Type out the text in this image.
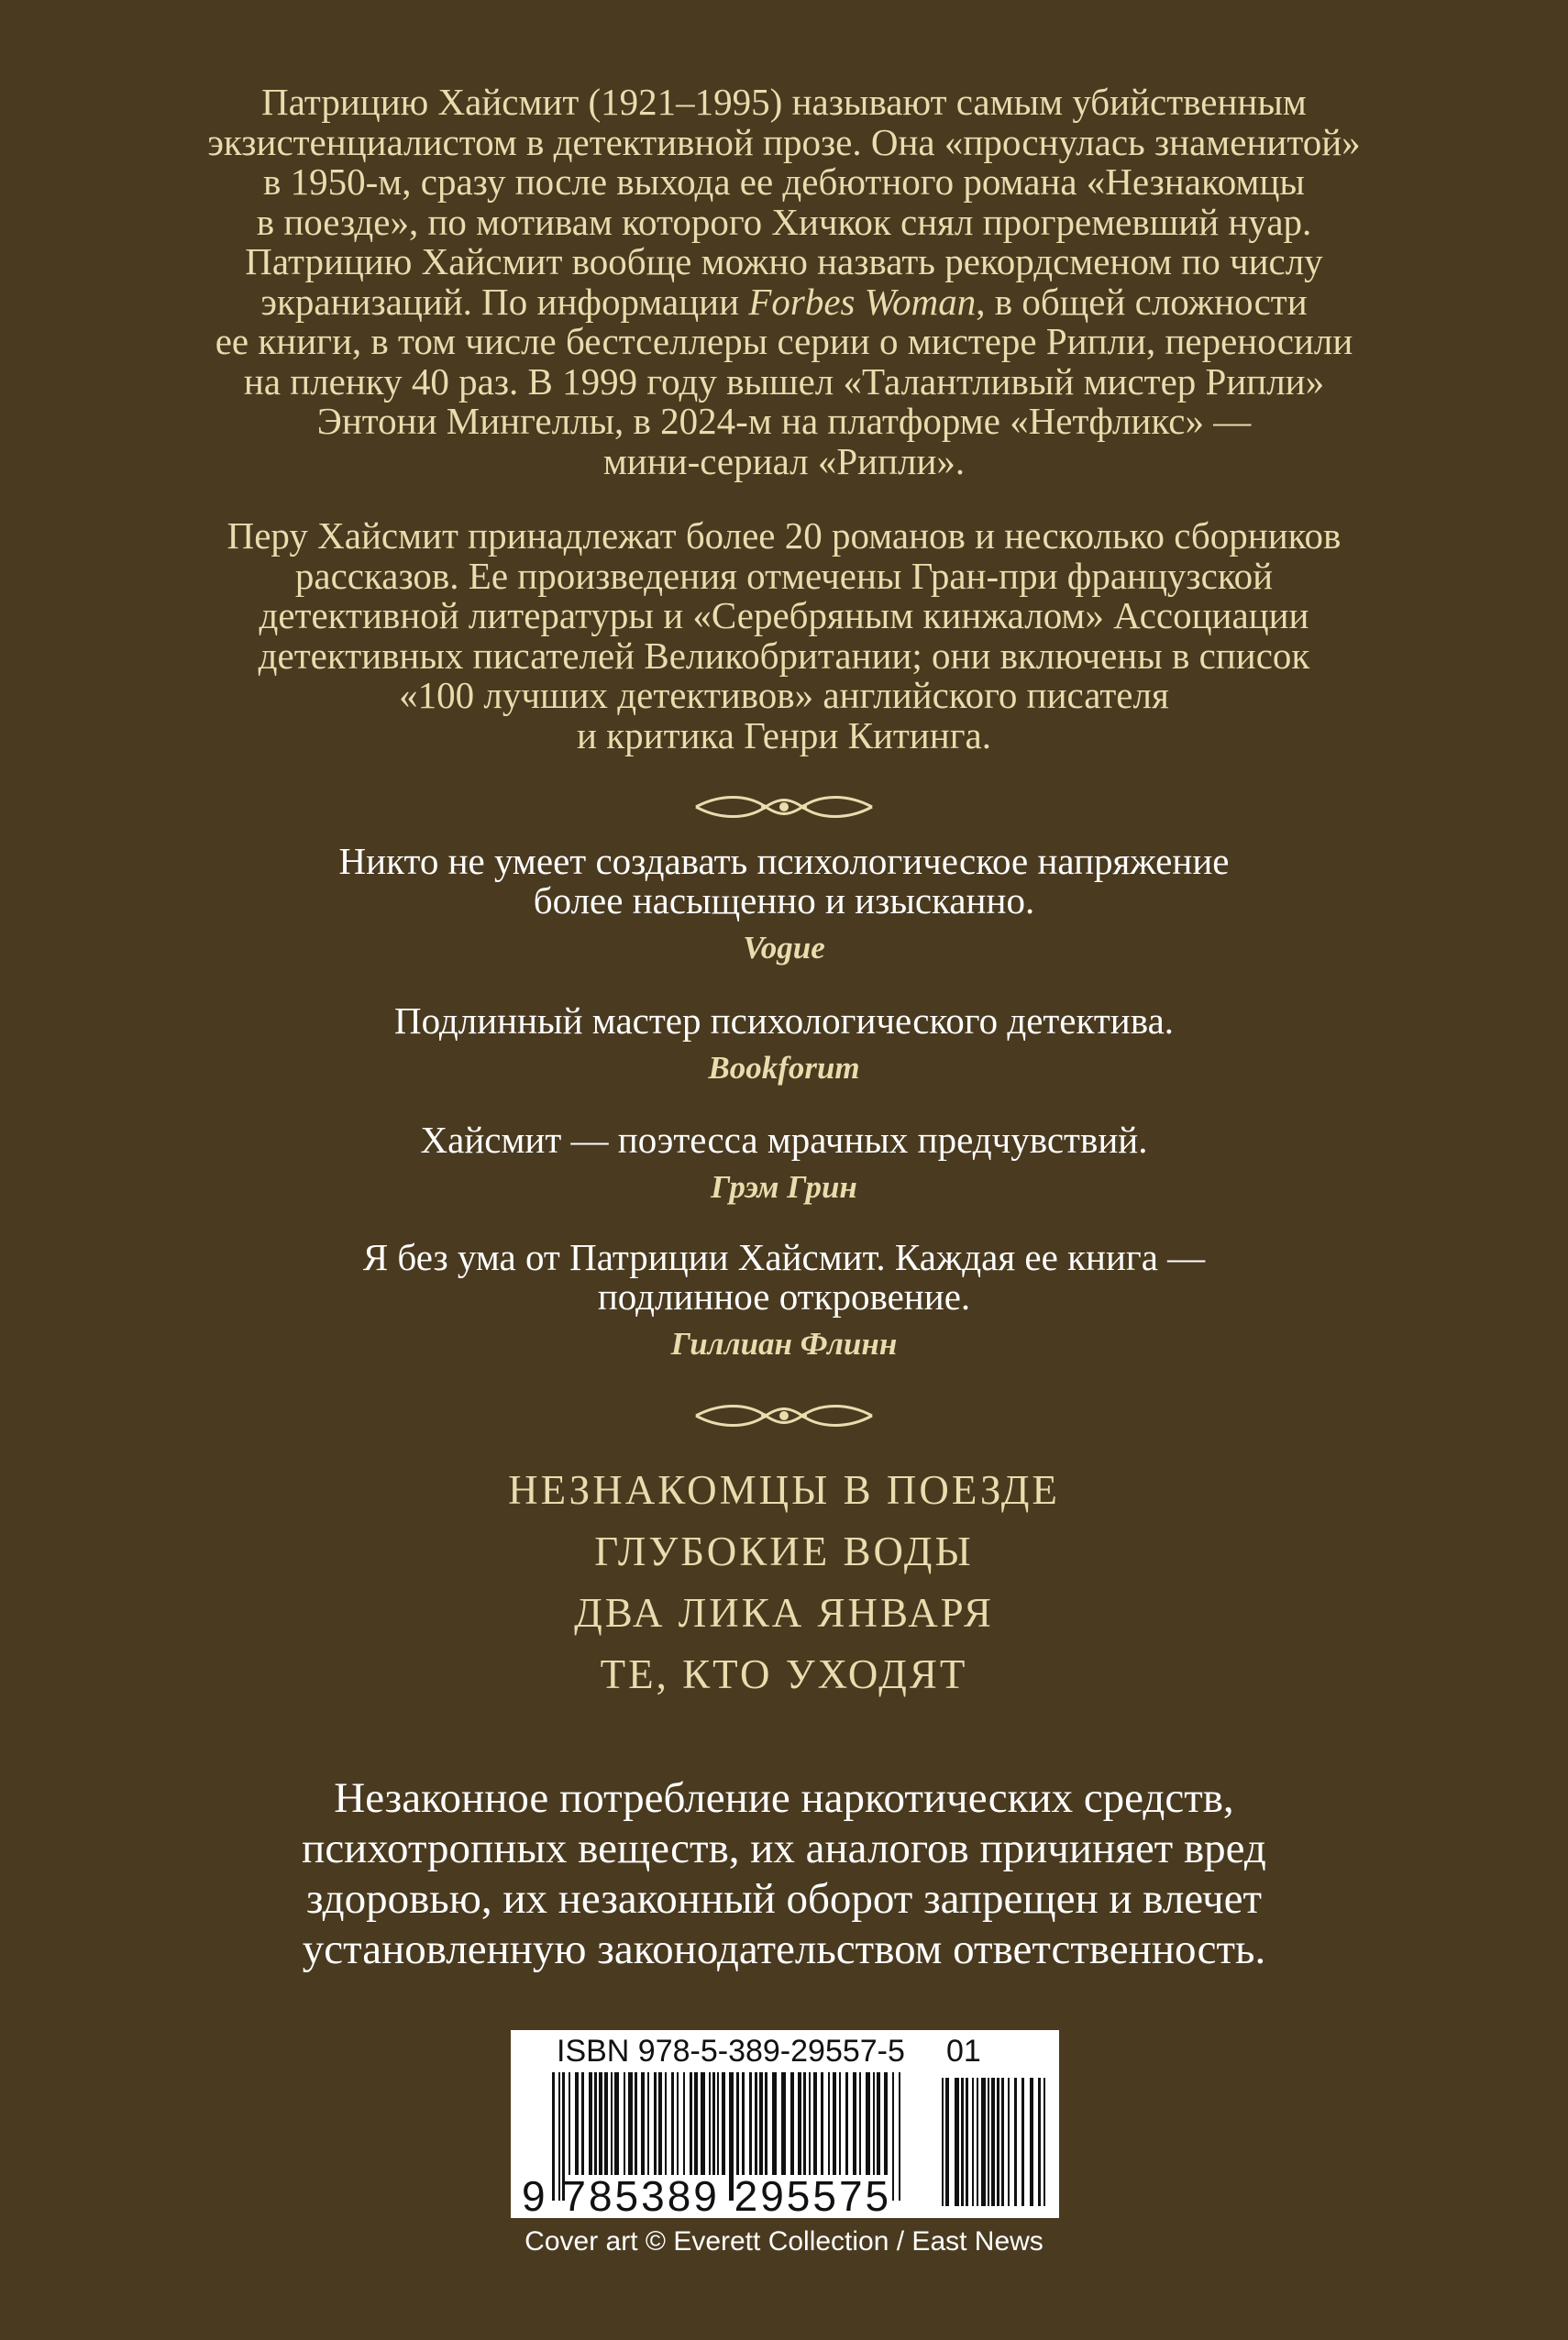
Патрицию Хайсмит (1921–1995) называют самым убийственным

экзистенциалистом в детективной прозе. Она «проснулась знаменитой»

в 1950-м, сразу после выхода ее дебютного романа «Незнакомцы

в поезде», по мотивам которого Хичкок снял прогремевший нуар.

Патрицию Хайсмит вообще можно назвать рекордсменом по числу

экранизаций. По информации Forbes Woman, в общей сложности

ее книги, в том числе бестселлеры серии о мистере Рипли, переносили

на пленку 40 раз. В 1999 году вышел «Талантливый мистер Рипли»

Энтони Мингеллы, в 2024-м на платформе «Нетфликс» —

мини-сериал «Рипли».

Перу Хайсмит принадлежат более 20 романов и несколько сборников

рассказов. Ее произведения отмечены Гран-при французской

детективной литературы и «Серебряным кинжалом» Ассоциации

детективных писателей Великобритании; они включены в список

«100 лучших детективов» английского писателя

и критика Генри Китинга.

Никто не умеет создавать психологическое напряжение

более насыщенно и изысканно.

Vogue

Подлинный мастер психологического детектива.

Bookforum

Хайсмит — поэтесса мрачных предчувствий.

Грэм Грин

Я без ума от Патриции Хайсмит. Каждая ее книга —

подлинное откровение.

Гиллиан Флинн

НЕЗНАКОМЦЫ В ПОЕЗДЕ

ГЛУБОКИЕ ВОДЫ

ДВА ЛИКА ЯНВАРЯ

ТЕ, КТО УХОДЯТ

Незаконное потребление наркотических средств,

психотропных веществ, их аналогов причиняет вред

здоровью, их незаконный оборот запрещен и влечет

установленную законодательством ответственность.

ISBN 978-5-389-29557-5 01
9 785389 295575
Cover art © Everett Collection / East News
